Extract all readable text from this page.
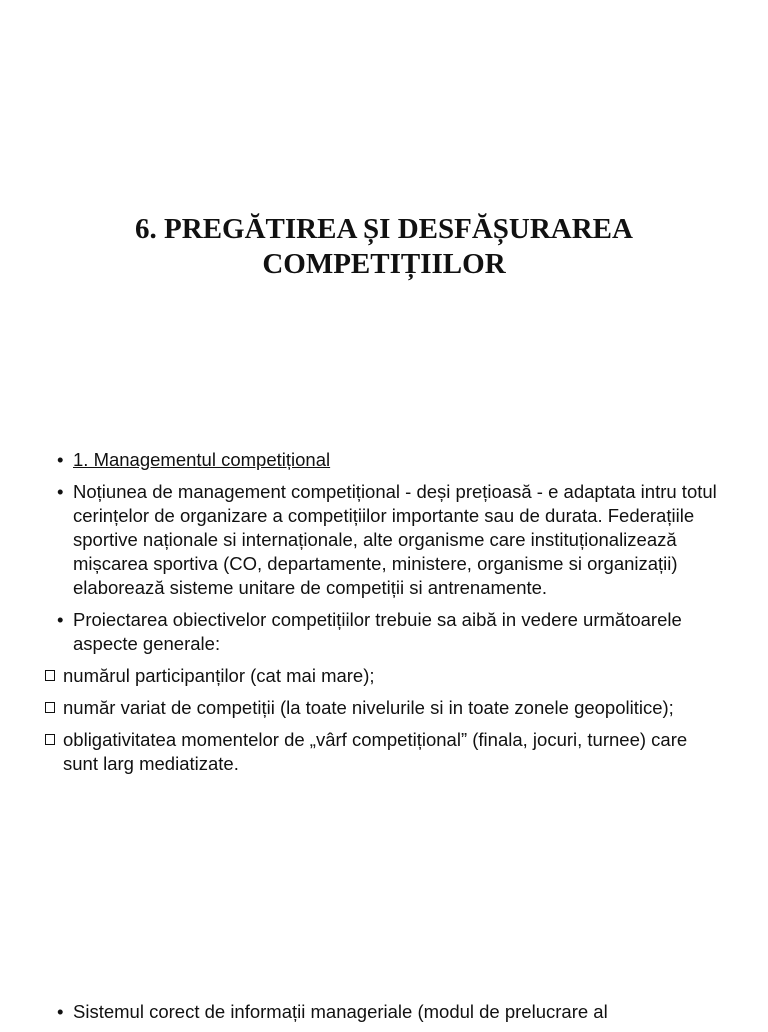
6. PREGĂTIREA ȘI DESFĂȘURAREA
COMPETIȚIILOR
• 1. Managementul competițional
• Noțiunea de management competițional - deși prețioasă - e adaptata intru totul cerințelor de organizare a competițiilor importante sau de durata. Federațiile sportive naționale si internaționale, alte organisme care instituționalizează mișcarea sportiva (CO, departamente, ministere, organisme si organizații) elaborează sisteme unitare de competiții si antrenamente.
• Proiectarea obiectivelor competițiilor trebuie sa aibă in vedere următoarele aspecte generale:
numărul participanților (cat mai mare);
număr variat de competiții (la toate nivelurile si in toate zonele geopolitice);
obligativitatea momentelor de „vârf competițional” (finala, jocuri, turnee) care sunt larg mediatizate.
• Sistemul corect de informații manageriale (modul de prelucrare al
